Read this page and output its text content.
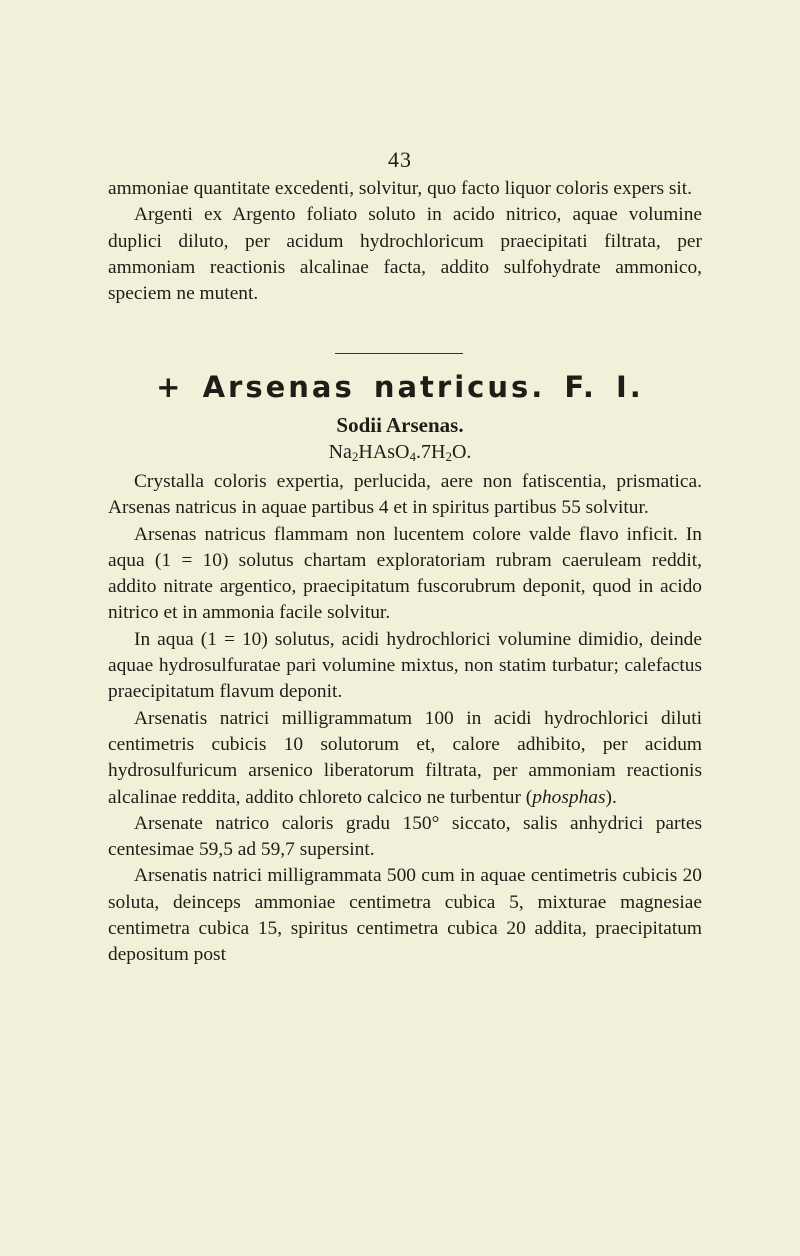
43

ammoniae quantitate excedenti, solvitur, quo facto liquor coloris expers sit.

Argenti ex Argento foliato soluto in acido nitrico, aquae volumine duplici diluto, per acidum hydrochloricum praecipitati filtrata, per ammoniam reactionis alcalinae facta, addito sulfohydrate ammonico, speciem ne mutent.

+ Arsenas natricus. F. I.
Sodii Arsenas.
$Na_2HAsO_4.7H_2O$.

Crystalla coloris expertia, perlucida, aere non fatiscentia, prismatica. Arsenas natricus in aquae partibus 4 et in spiritus partibus 55 solvitur.

Arsenas natricus flammam non lucentem colore valde flavo inficit. In aqua (1 = 10) solutus chartam exploratoriam rubram caeruleam reddit, addito nitrate argentico, praecipitatum fuscorubrum deponit, quod in acido nitrico et in ammonia facile solvitur.

In aqua (1 = 10) solutus, acidi hydrochlorici volumine dimidio, deinde aquae hydrosulfuratae pari volumine mixtus, non statim turbatur; calefactus praecipitatum flavum deponit.

Arsenatis natrici milligrammatum 100 in acidi hydrochlorici diluti centimetris cubicis 10 solutorum et, calore adhibito, per acidum hydrosulfuricum arsenico liberatorum filtrata, per ammoniam reactionis alcalinae reddita, addito chloreto calcico ne turbentur (phosphas).

Arsenate natrico caloris gradu 150° siccato, salis anhydrici partes centesimae 59,5 ad 59,7 supersint.

Arsenatis natrici milligrammata 500 cum in aquae centimetris cubicis 20 soluta, deinceps ammoniae centimetra cubica 5, mixturae magnesiae centimetra cubica 15, spiritus centimetra cubica 20 addita, praecipitatum depositum post
